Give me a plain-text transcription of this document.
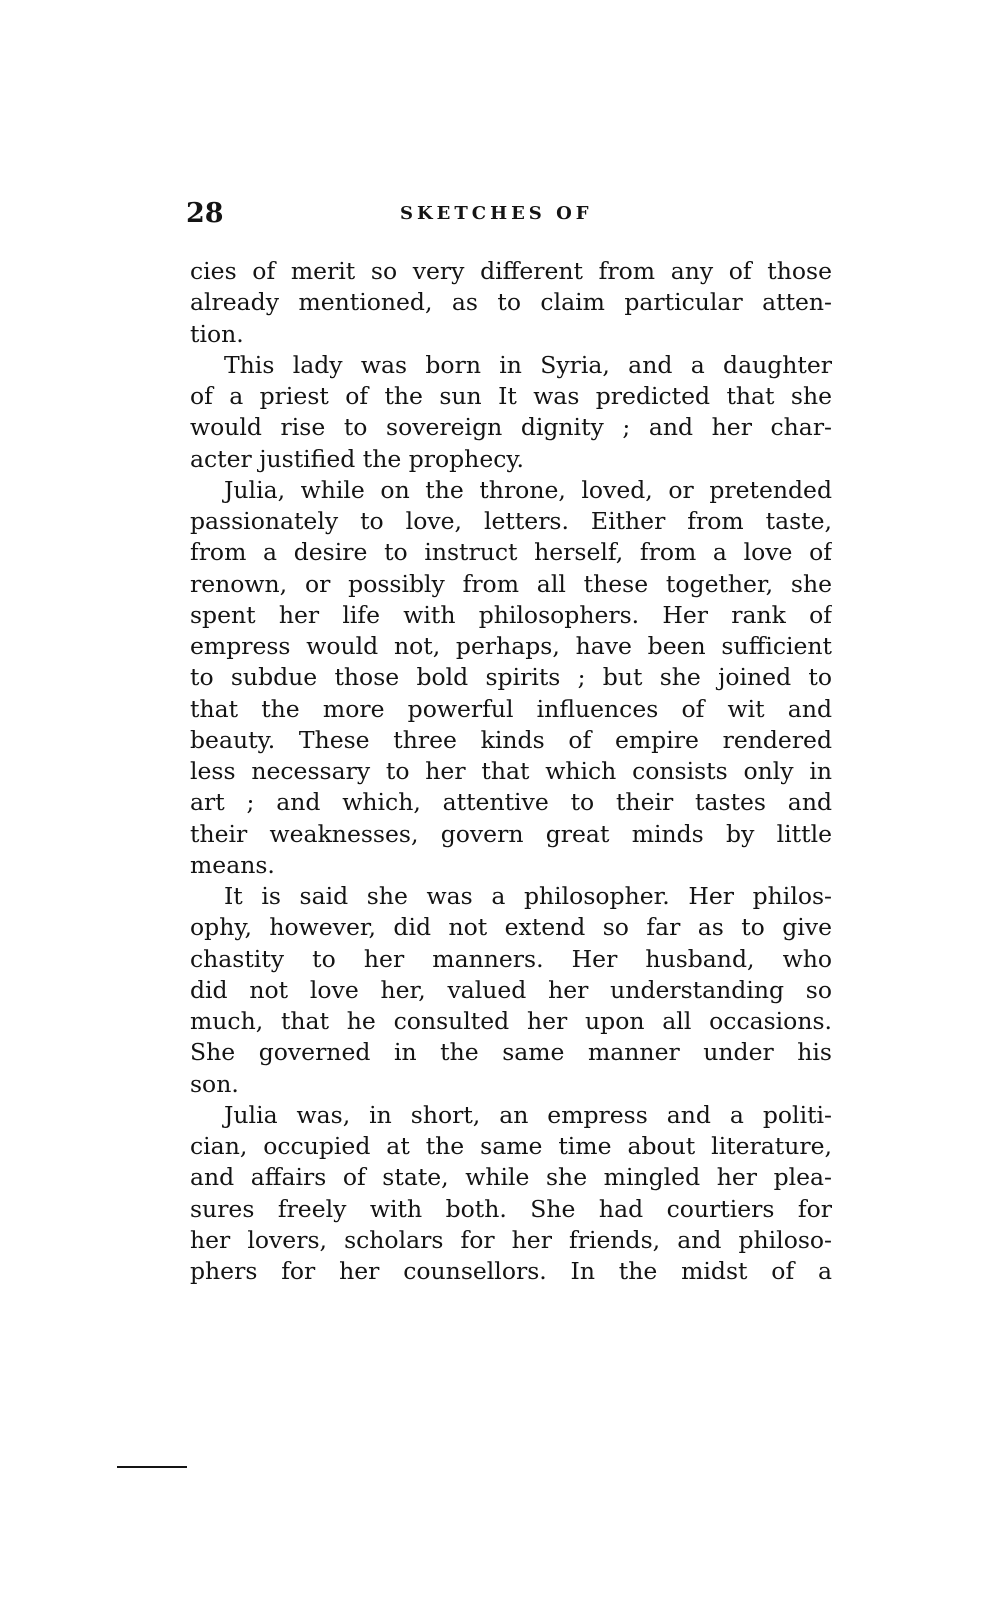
28	SKETCHES OF
cies of merit so very different from any of those
already mentioned, as to claim particular atten-
tion.
This lady was born in Syria, and a daughter
of a priest of the sun It was predicted that she
would rise to sovereign dignity ; and her char-
acter justified the prophecy.
Julia, while on the throne, loved, or pretended
passionately to love, letters. Either from taste,
from a desire to instruct herself, from a love of
renown, or possibly from all these together, she
spent her life with philosophers. Her rank of
empress would not, perhaps, have been sufficient
to subdue those bold spirits ; but she joined to
that the more powerful influences of wit and
beauty. These three kinds of empire rendered
less necessary to her that which consists only in
art ; and which, attentive to their tastes and
their weaknesses, govern great minds by little
means.
It is said she was a philosopher. Her philos-
ophy, however, did not extend so far as to give
chastity to her manners. Her husband, who
did not love her, valued her understanding so
much, that he consulted her upon all occasions.
She governed in the same manner under his
son.
Julia was, in short, an empress and a politi-
cian, occupied at the same time about literature,
and affairs of state, while she mingled her plea-
sures freely with both. She had courtiers for
her lovers, scholars for her friends, and philoso-
phers for her counsellors. In the midst of a
